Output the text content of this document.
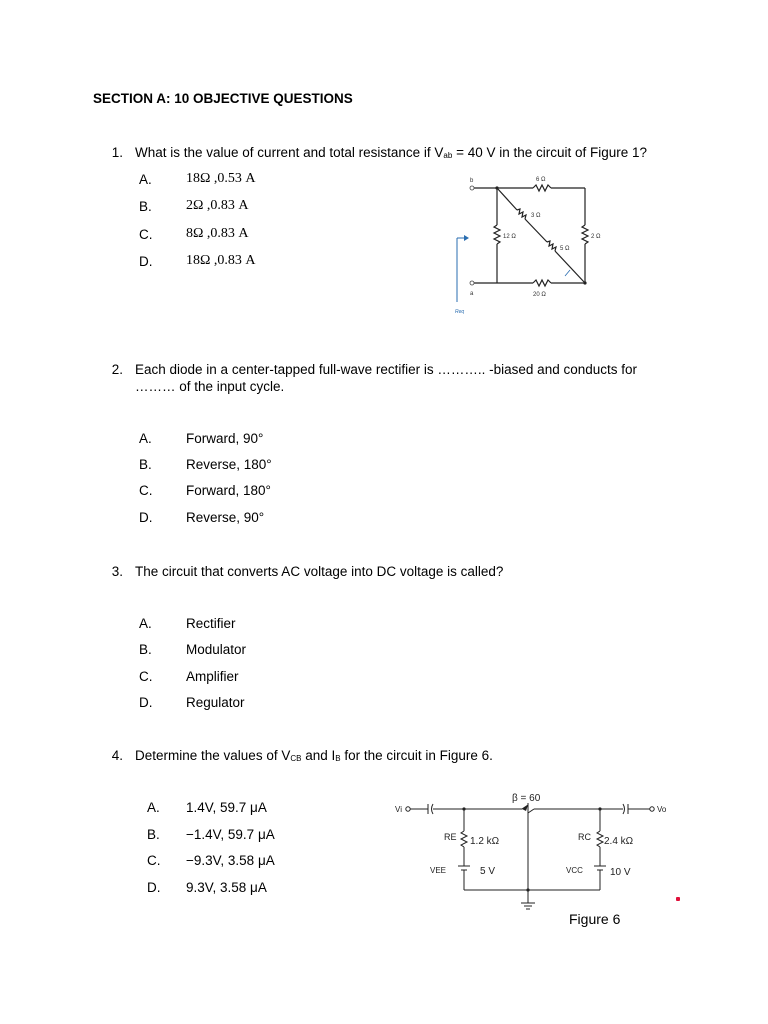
SECTION A: 10 OBJECTIVE QUESTIONS
1. What is the value of current and total resistance if $V_{ab} = 40$ V in the circuit of Figure 1?
A.	18Ω ,0.53 A
B.	2Ω ,0.83 A
C.	8Ω ,0.83 A
D.	18Ω ,0.83 A
b
a
6 Ω
3 Ω
12 Ω
5 Ω
2 Ω
20 Ω
Req
2. Each diode in a center-tapped full-wave rectifier is ……….. -biased and conducts for
……… of the input cycle.
A.	Forward, 90°
B.	Reverse, 180°
C.	Forward, 180°
D.	Reverse, 90°
3. The circuit that converts AC voltage into DC voltage is called?
A.	Rectifier
B.	Modulator
C.	Amplifier
D.	Regulator
4. Determine the values of $V_{CB}$ and $I_B$ for the circuit in Figure 6.
A.	1.4V, 59.7 μA
B.	−1.4V, 59.7 μA
C.	−9.3V, 3.58 μA
D.	9.3V, 3.58 μA
Vi	Vo
β = 60
RE 1.2 kΩ
VEE	5 V
RC 2.4 kΩ
VCC	10 V
Figure 6
